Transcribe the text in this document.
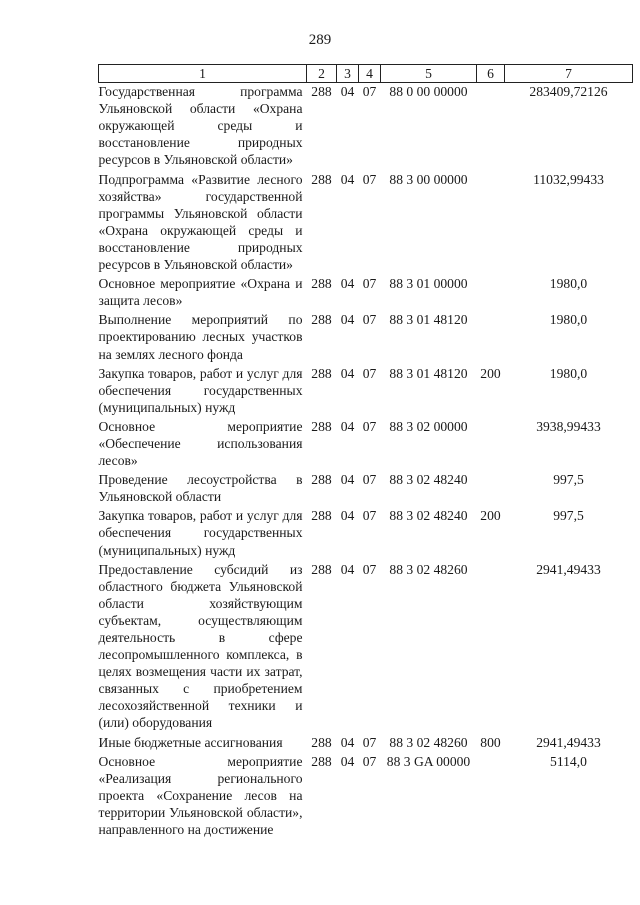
289
1	2	3	4	5	6	7
Государственная программа Ульяновской области «Охрана окружающей среды и восстановление природных ресурсов в Ульяновской области»	288	04	07	88 0 00 00000		283409,72126
Подпрограмма «Развитие лесного хозяйства» государственной программы Ульяновской области «Охрана окружающей среды и восстановление природных ресурсов в Ульяновской области»	288	04	07	88 3 00 00000		11032,99433
Основное мероприятие «Охрана и защита лесов»	288	04	07	88 3 01 00000		1980,0
Выполнение мероприятий по проектированию лесных участков на землях лесного фонда	288	04	07	88 3 01 48120		1980,0
Закупка товаров, работ и услуг для обеспечения государственных (муниципальных) нужд	288	04	07	88 3 01 48120	200	1980,0
Основное мероприятие «Обеспечение использования лесов»	288	04	07	88 3 02 00000		3938,99433
Проведение лесоустройства в Ульяновской области	288	04	07	88 3 02 48240		997,5
Закупка товаров, работ и услуг для обеспечения государственных (муниципальных) нужд	288	04	07	88 3 02 48240	200	997,5
Предоставление субсидий из областного бюджета Ульяновской области хозяйствующим субъектам, осуществляющим деятельность в сфере лесопромышленного комплекса, в целях возмещения части их затрат, связанных с приобретением лесохозяйственной техники и (или) оборудования	288	04	07	88 3 02 48260		2941,49433
Иные бюджетные ассигнования	288	04	07	88 3 02 48260	800	2941,49433
Основное мероприятие «Реализация регионального проекта «Сохранение лесов на территории Ульяновской области», направленного на достижение	288	04	07	88 3 GA 00000		5114,0
